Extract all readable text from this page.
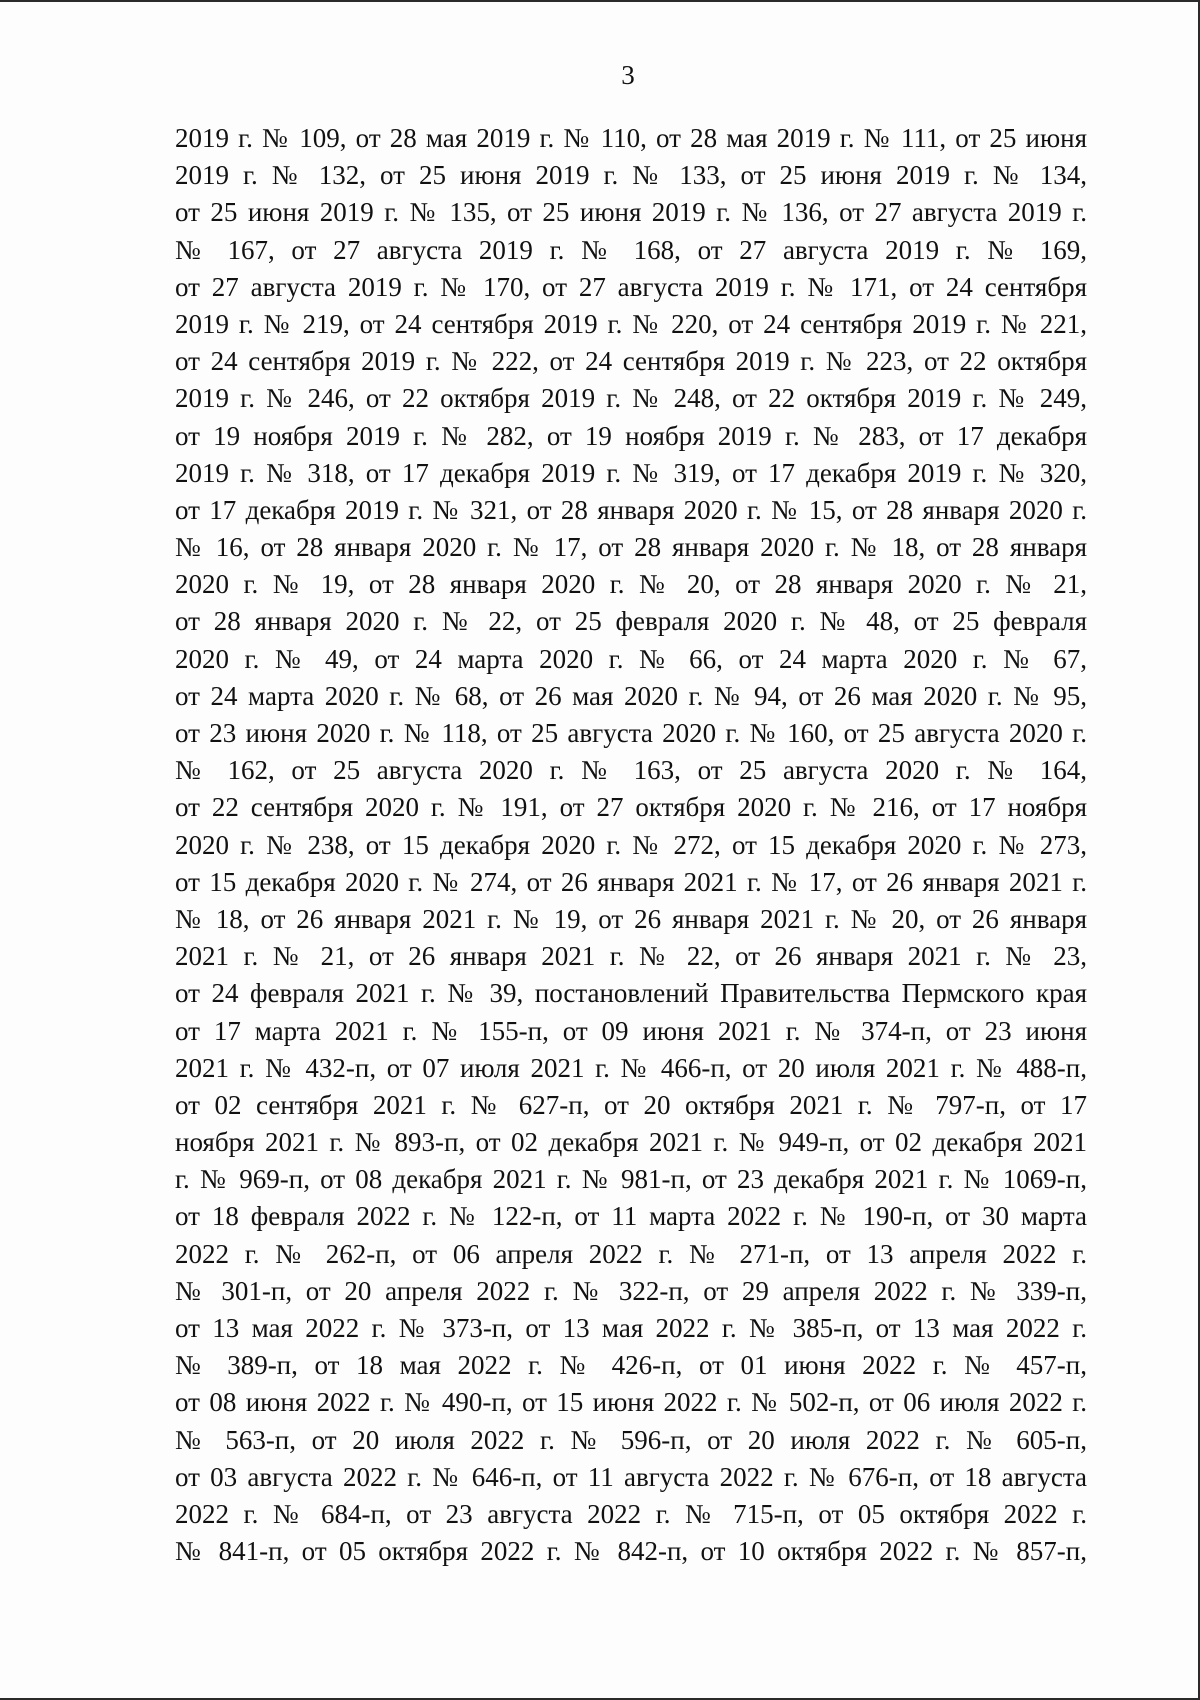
3
2019 г. № 109, от 28 мая 2019 г. № 110, от 28 мая 2019 г. № 111, от 25 июня
2019 г. № 132, от 25 июня 2019 г. № 133, от 25 июня 2019 г. № 134,
от 25 июня 2019 г. № 135, от 25 июня 2019 г. № 136, от 27 августа 2019 г.
№ 167, от 27 августа 2019 г. № 168, от 27 августа 2019 г. № 169,
от 27 августа 2019 г. № 170, от 27 августа 2019 г. № 171, от 24 сентября
2019 г. № 219, от 24 сентября 2019 г. № 220, от 24 сентября 2019 г. № 221,
от 24 сентября 2019 г. № 222, от 24 сентября 2019 г. № 223, от 22 октября
2019 г. № 246, от 22 октября 2019 г. № 248, от 22 октября 2019 г. № 249,
от 19 ноября 2019 г. № 282, от 19 ноября 2019 г. № 283, от 17 декабря
2019 г. № 318, от 17 декабря 2019 г. № 319, от 17 декабря 2019 г. № 320,
от 17 декабря 2019 г. № 321, от 28 января 2020 г. № 15, от 28 января 2020 г.
№ 16, от 28 января 2020 г. № 17, от 28 января 2020 г. № 18, от 28 января
2020 г. № 19, от 28 января 2020 г. № 20, от 28 января 2020 г. № 21,
от 28 января 2020 г. № 22, от 25 февраля 2020 г. № 48, от 25 февраля
2020 г. № 49, от 24 марта 2020 г. № 66, от 24 марта 2020 г. № 67,
от 24 марта 2020 г. № 68, от 26 мая 2020 г. № 94, от 26 мая 2020 г. № 95,
от 23 июня 2020 г. № 118, от 25 августа 2020 г. № 160, от 25 августа 2020 г.
№ 162, от 25 августа 2020 г. № 163, от 25 августа 2020 г. № 164,
от 22 сентября 2020 г. № 191, от 27 октября 2020 г. № 216, от 17 ноября
2020 г. № 238, от 15 декабря 2020 г. № 272, от 15 декабря 2020 г. № 273,
от 15 декабря 2020 г. № 274, от 26 января 2021 г. № 17, от 26 января 2021 г.
№ 18, от 26 января 2021 г. № 19, от 26 января 2021 г. № 20, от 26 января
2021 г. № 21, от 26 января 2021 г. № 22, от 26 января 2021 г. № 23,
от 24 февраля 2021 г. № 39, постановлений Правительства Пермского края
от 17 марта 2021 г. № 155-п, от 09 июня 2021 г. № 374-п, от 23 июня
2021 г. № 432-п, от 07 июля 2021 г. № 466-п, от 20 июля 2021 г. № 488-п,
от 02 сентября 2021 г. № 627-п, от 20 октября 2021 г. № 797-п, от 17
ноября 2021 г. № 893-п, от 02 декабря 2021 г. № 949-п, от 02 декабря 2021
г. № 969-п, от 08 декабря 2021 г. № 981-п, от 23 декабря 2021 г. № 1069-п,
от 18 февраля 2022 г. № 122-п, от 11 марта 2022 г. № 190-п, от 30 марта
2022 г. № 262-п, от 06 апреля 2022 г. № 271-п, от 13 апреля 2022 г.
№ 301-п, от 20 апреля 2022 г. № 322-п, от 29 апреля 2022 г. № 339-п,
от 13 мая 2022 г. № 373-п, от 13 мая 2022 г. № 385-п, от 13 мая 2022 г.
№ 389-п, от 18 мая 2022 г. № 426-п, от 01 июня 2022 г. № 457-п,
от 08 июня 2022 г. № 490-п, от 15 июня 2022 г. № 502-п, от 06 июля 2022 г.
№ 563-п, от 20 июля 2022 г. № 596-п, от 20 июля 2022 г. № 605-п,
от 03 августа 2022 г. № 646-п, от 11 августа 2022 г. № 676-п, от 18 августа
2022 г. № 684-п, от 23 августа 2022 г. № 715-п, от 05 октября 2022 г.
№ 841-п, от 05 октября 2022 г. № 842-п, от 10 октября 2022 г. № 857-п,
